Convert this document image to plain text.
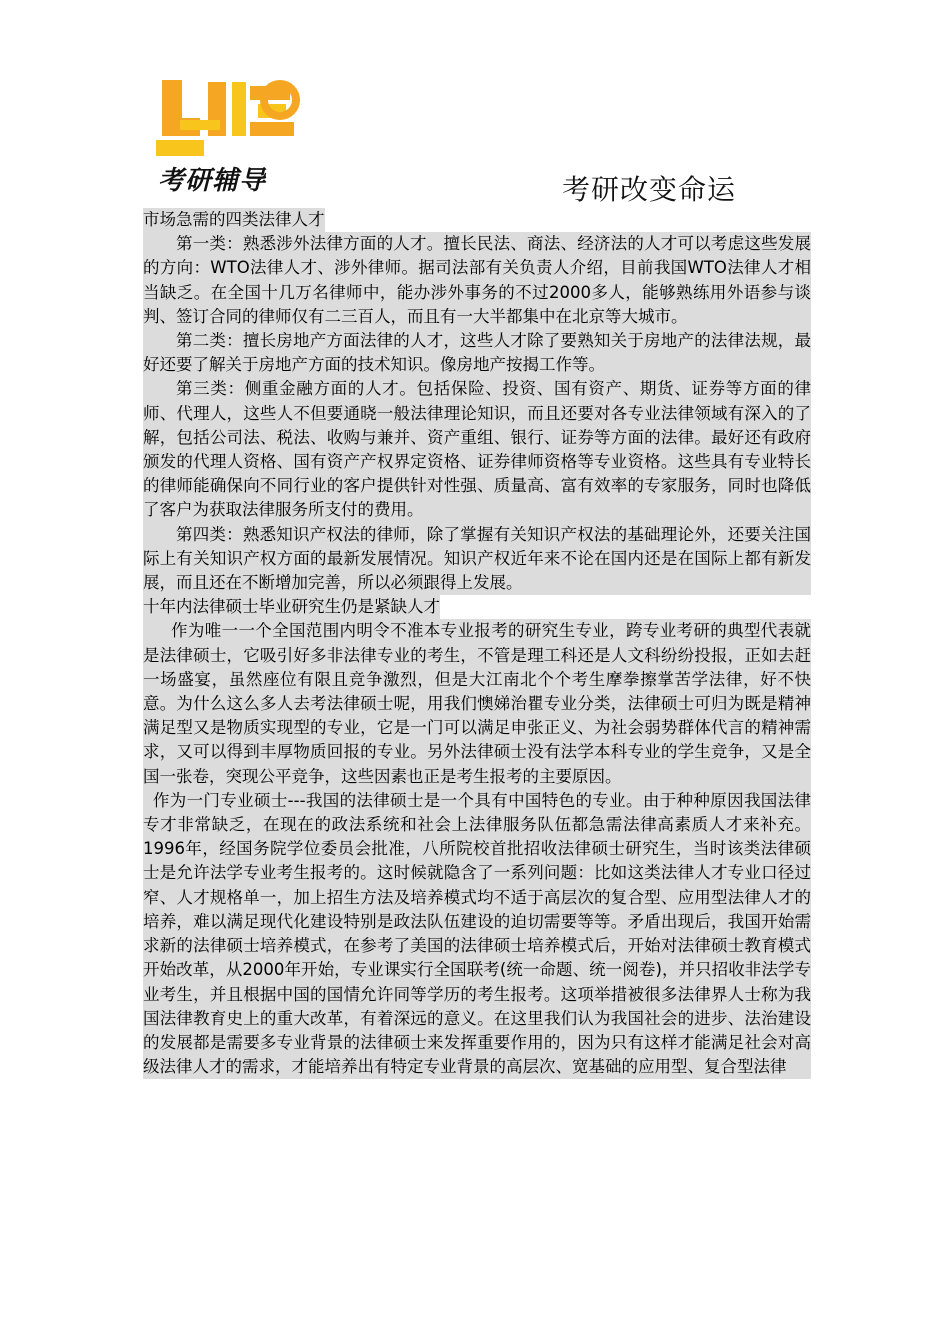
考研辅导	考研改变命运
市场急需的四类法律人才

第一类：熟悉涉外法律方面的人才。擅长民法、商法、经济法的人才可以考虑这些发展的方向：WTO法律人才、涉外律师。据司法部有关负责人介绍，目前我国WTO法律人才相当缺乏。在全国十几万名律师中，能办涉外事务的不过2000多人，能够熟练用外语参与谈判、签订合同的律师仅有二三百人，而且有一大半都集中在北京等大城市。

第二类：擅长房地产方面法律的人才，这些人才除了要熟知关于房地产的法律法规，最好还要了解关于房地产方面的技术知识。像房地产按揭工作等。

第三类：侧重金融方面的人才。包括保险、投资、国有资产、期货、证券等方面的律师、代理人，这些人不但要通晓一般法律理论知识，而且还要对各专业法律领域有深入的了解，包括公司法、税法、收购与兼并、资产重组、银行、证券等方面的法律。最好还有政府颁发的代理人资格、国有资产产权界定资格、证券律师资格等专业资格。这些具有专业特长的律师能确保向不同行业的客户提供针对性强、质量高、富有效率的专家服务，同时也降低了客户为获取法律服务所支付的费用。

第四类：熟悉知识产权法的律师，除了掌握有关知识产权法的基础理论外，还要关注国际上有关知识产权方面的最新发展情况。知识产权近年来不论在国内还是在国际上都有新发展，而且还在不断增加完善，所以必须跟得上发展。

十年内法律硕士毕业研究生仍是紧缺人才

作为唯一一个全国范围内明令不准本专业报考的研究生专业，跨专业考研的典型代表就是法律硕士，它吸引好多非法律专业的考生，不管是理工科还是人文科纷纷投报，正如去赶一场盛宴，虽然座位有限且竞争激烈，但是大江南北个个考生摩拳擦掌苦学法律，好不快意。为什么这么多人去考法律硕士呢，用我们懊娣治瞿专业分类，法律硕士可归为既是精神满足型又是物质实现型的专业，它是一门可以满足申张正义、为社会弱势群体代言的精神需求，又可以得到丰厚物质回报的专业。另外法律硕士没有法学本科专业的学生竞争，又是全国一张卷，突现公平竞争，这些因素也正是考生报考的主要原因。

作为一门专业硕士---我国的法律硕士是一个具有中国特色的专业。由于种种原因我国法律专才非常缺乏，在现在的政法系统和社会上法律服务队伍都急需法律高素质人才来补充。1996年，经国务院学位委员会批准，八所院校首批招收法律硕士研究生，当时该类法律硕士是允许法学专业考生报考的。这时候就隐含了一系列问题：比如这类法律人才专业口径过窄、人才规格单一，加上招生方法及培养模式均不适于高层次的复合型、应用型法律人才的培养，难以满足现代化建设特别是政法队伍建设的迫切需要等等。矛盾出现后，我国开始需求新的法律硕士培养模式，在参考了美国的法律硕士培养模式后，开始对法律硕士教育模式开始改革，从2000年开始，专业课实行全国联考(统一命题、统一阅卷)，并只招收非法学专业考生，并且根据中国的国情允许同等学历的考生报考。这项举措被很多法律界人士称为我国法律教育史上的重大改革，有着深远的意义。在这里我们认为我国社会的进步、法治建设的发展都是需要多专业背景的法律硕士来发挥重要作用的，因为只有这样才能满足社会对高级法律人才的需求，才能培养出有特定专业背景的高层次、宽基础的应用型、复合型法律
